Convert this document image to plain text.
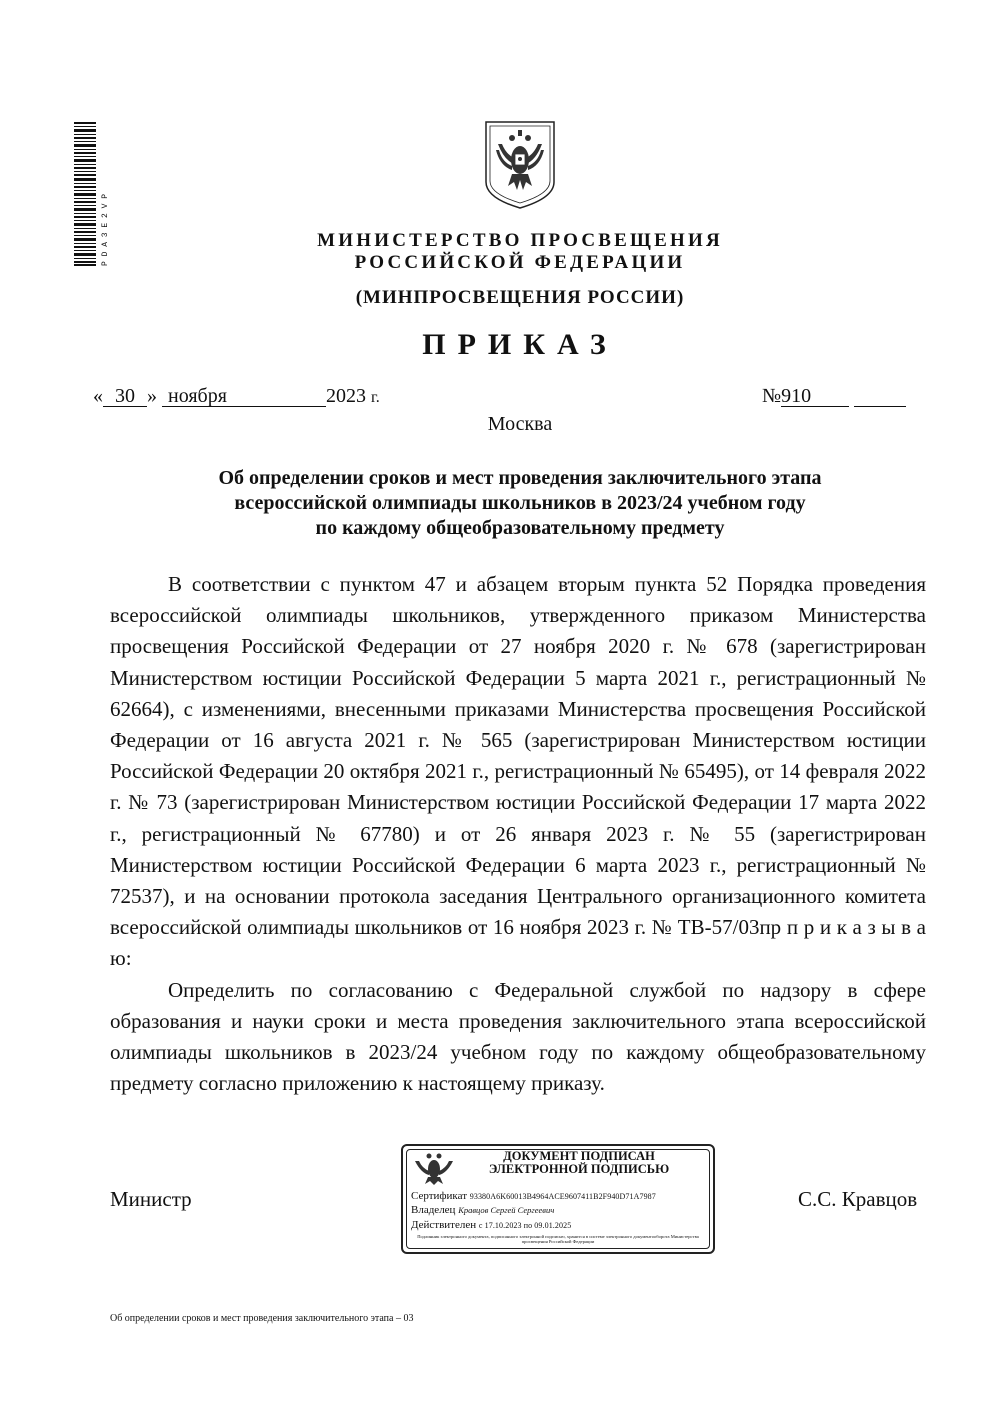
P D A 3 E 2 V P	МИНИСТЕРСТВО ПРОСВЕЩЕНИЯ
РОССИЙСКОЙ ФЕДЕРАЦИИ
(МИНПРОСВЕЩЕНИЯ РОССИИ)
ПРИКАЗ
« 30 » ноября	2023 г.	№910
Москва
Об определении сроков и мест проведения заключительного этапа
всероссийской олимпиады школьников в 2023/24 учебном году
по каждому общеобразовательному предмету

В соответствии с пунктом 47 и абзацем вторым пункта 52 Порядка проведения всероссийской олимпиады школьников, утвержденного приказом Министерства просвещения Российской Федерации от 27 ноября 2020 г. № 678 (зарегистрирован Министерством юстиции Российской Федерации 5 марта 2021 г., регистрационный № 62664), с изменениями, внесенными приказами Министерства просвещения Российской Федерации от 16 августа 2021 г. № 565 (зарегистрирован Министерством юстиции Российской Федерации 20 октября 2021 г., регистрационный № 65495), от 14 февраля 2022 г. № 73 (зарегистрирован Министерством юстиции Российской Федерации 17 марта 2022 г., регистрационный № 67780) и от 26 января 2023 г. № 55 (зарегистрирован Министерством юстиции Российской Федерации 6 марта 2023 г., регистрационный № 72537), и на основании протокола заседания Центрального организационного комитета всероссийской олимпиады школьников от 16 ноября 2023 г. № ТВ-57/03пр п р и к а з ы в а ю:

Определить по согласованию с Федеральной службой по надзору в сфере образования и науки сроки и места проведения заключительного этапа всероссийской олимпиады школьников в 2023/24 учебном году по каждому общеобразовательному предмету согласно приложению к настоящему приказу.

Министр	С.С. Кравцов
ДОКУМЕНТ ПОДПИСАН
ЭЛЕКТРОННОЙ ПОДПИСЬЮ
Сертификат 93380A6K60013B4964ACE9607411B2F940D71A7987
Владелец Кравцов Сергей Сергеевич
Действителен с 17.10.2023 по 09.01.2025
Подлинник электронного документа, подписанного электронной подписью, хранится в системе электронного документооборота Министерства просвещения Российской Федерации
Об определении сроков и мест проведения заключительного этапа – 03
